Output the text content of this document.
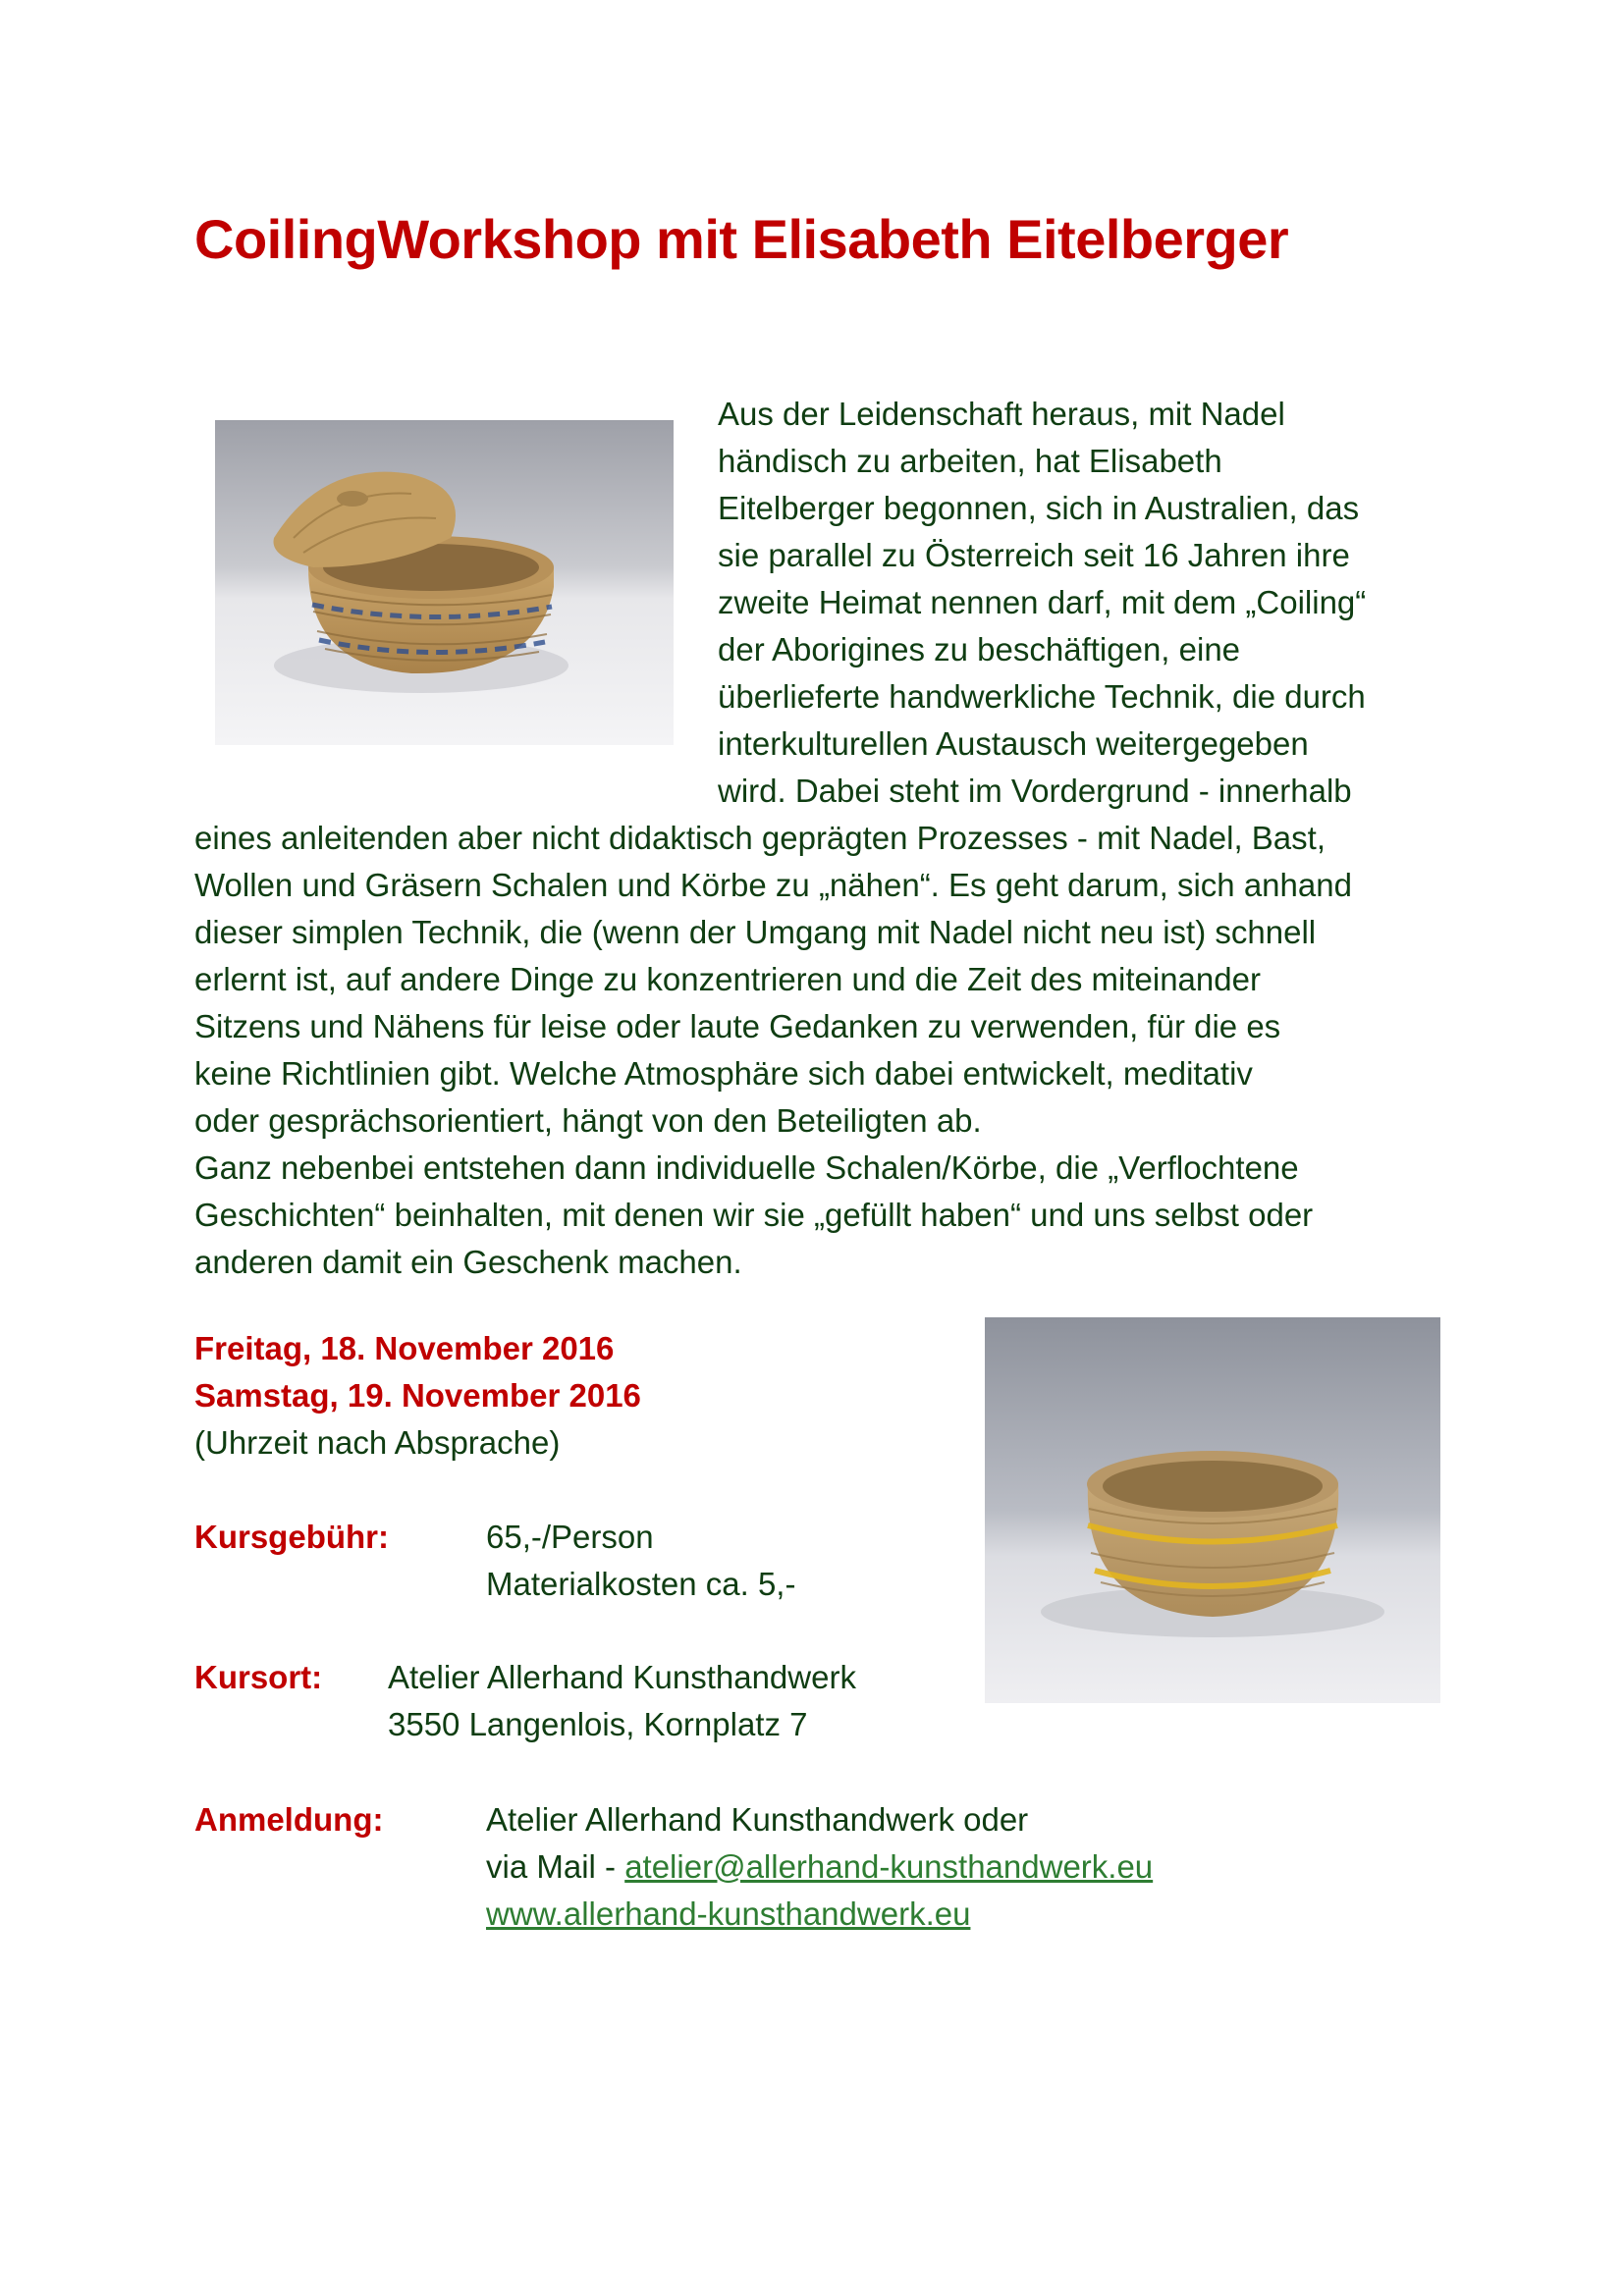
CoilingWorkshop mit Elisabeth Eitelberger
Aus der Leidenschaft heraus, mit Nadel
händisch zu arbeiten, hat Elisabeth
Eitelberger begonnen, sich in Australien, das
sie parallel zu Österreich seit 16 Jahren ihre
zweite Heimat nennen darf, mit dem „Coiling“
der Aborigines zu beschäftigen, eine
überlieferte handwerkliche Technik, die durch
interkulturellen Austausch weitergegeben
wird. Dabei steht im Vordergrund - innerhalb
eines anleitenden aber nicht didaktisch geprägten Prozesses - mit Nadel, Bast,
Wollen und Gräsern Schalen und Körbe zu „nähen“. Es geht darum, sich anhand
dieser simplen Technik, die (wenn der Umgang mit Nadel nicht neu ist) schnell
erlernt ist, auf andere Dinge zu konzentrieren und die Zeit des miteinander
Sitzens und Nähens für leise oder laute Gedanken zu verwenden, für die es
keine Richtlinien gibt. Welche Atmosphäre sich dabei entwickelt, meditativ
oder gesprächsorientiert, hängt von den Beteiligten ab.
Ganz nebenbei entstehen dann individuelle Schalen/Körbe, die „Verflochtene
Geschichten“ beinhalten, mit denen wir sie „gefüllt haben“ und uns selbst oder
anderen damit ein Geschenk machen.
Freitag, 18. November 2016
Samstag, 19. November 2016
(Uhrzeit nach Absprache)
Kursgebühr:	65,-/Person
Materialkosten ca. 5,-
Kursort: Atelier Allerhand Kunsthandwerk
3550 Langenlois, Kornplatz 7
Anmeldung:	Atelier Allerhand Kunsthandwerk oder
via Mail - atelier@allerhand-kunsthandwerk.eu
www.allerhand-kunsthandwerk.eu
